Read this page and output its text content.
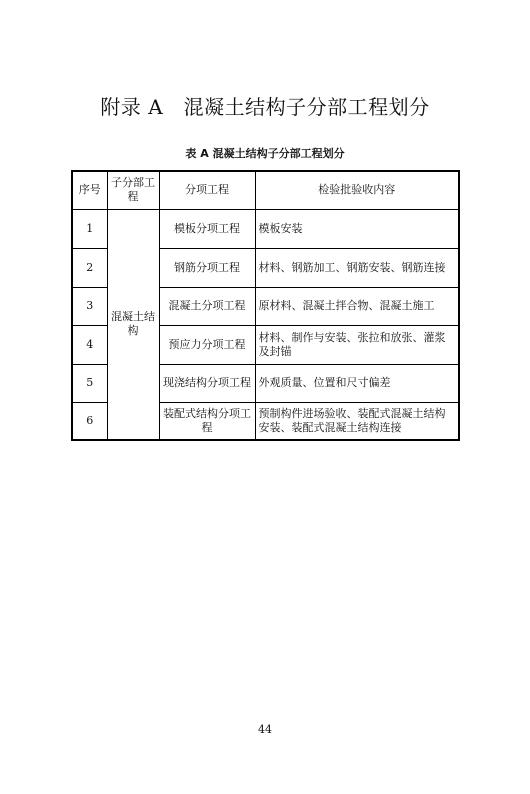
附录 A　混凝土结构子分部工程划分
表 A 混凝土结构子分部工程划分
序号	子分部工程	分项工程	检验批验收内容
1	混凝土结构	模板分项工程	模板安装
2		钢筋分项工程	材料、钢筋加工、钢筋安装、钢筋连接
3		混凝土分项工程	原材料、混凝土拌合物、混凝土施工
4		预应力分项工程	材料、制作与安装、张拉和放张、灌浆及封锚
5		现浇结构分项工程	外观质量、位置和尺寸偏差
6		装配式结构分项工程	预制构件进场验收、装配式混凝土结构安装、装配式混凝土结构连接
44
